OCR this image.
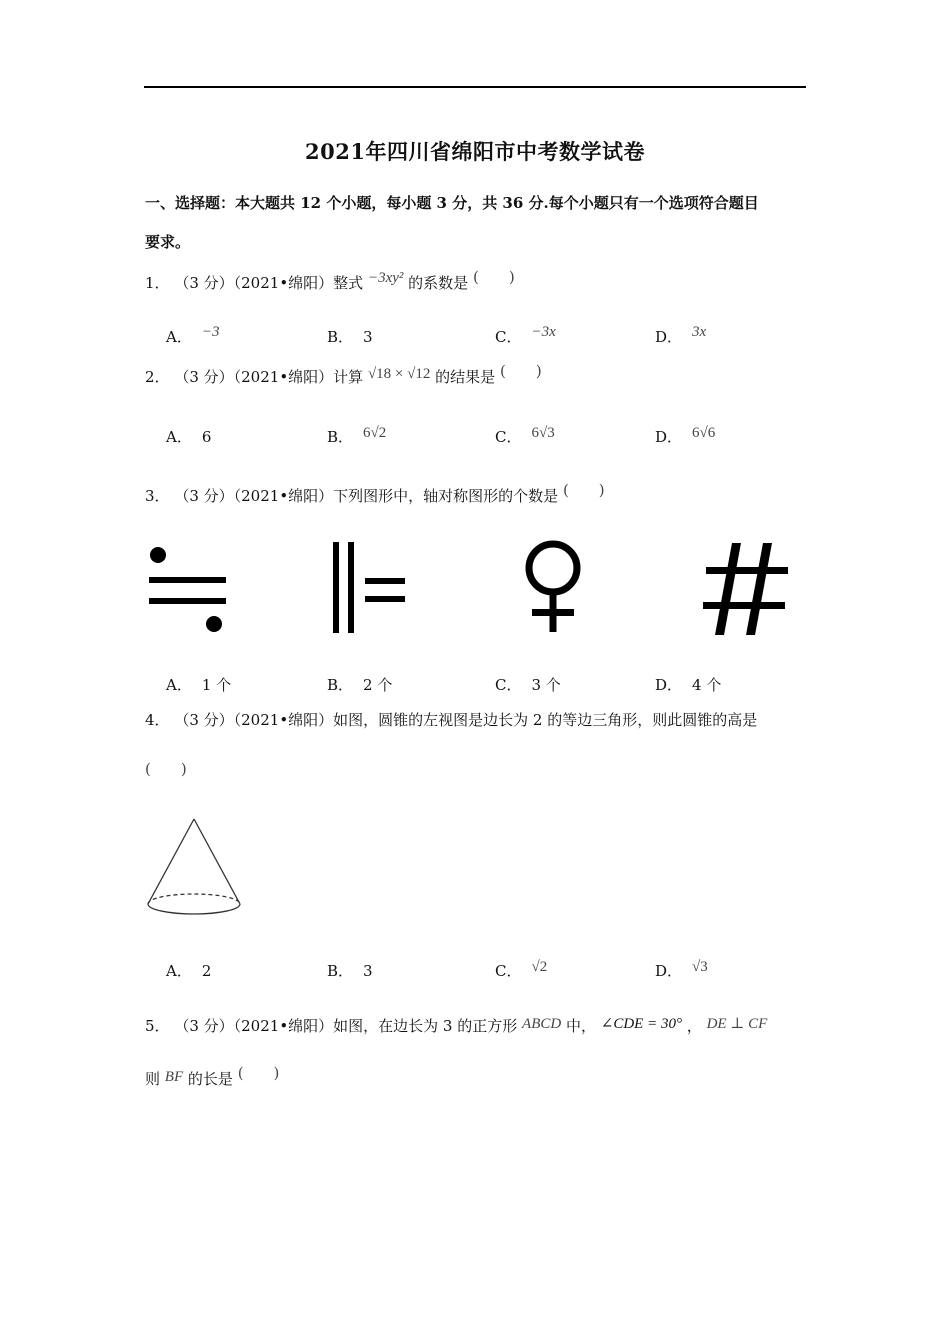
2021年四川省绵阳市中考数学试卷
一、选择题：本大题共 12 个小题，每小题 3 分，共 36 分.每个小题只有一个选项符合题目
要求。
1． （3 分）（2021•绵阳）整式 −3xy² 的系数是 (　　)
A． −3	B． 3	C． −3x	D． 3x
2． （3 分）（2021•绵阳）计算 √18 × √12 的结果是 (　　)
A． 6	B． 6√2	C． 6√3	D． 6√6
3． （3 分）（2021•绵阳）下列图形中，轴对称图形的个数是 (　　)
A． 1 个	B． 2 个	C． 3 个	D． 4 个
4． （3 分）（2021•绵阳）如图，圆锥的左视图是边长为 2 的等边三角形，则此圆锥的高是
(　　)
A． 2	B． 3	C． √2	D． √3
5． （3 分）（2021•绵阳）如图，在边长为 3 的正方形 ABCD 中， ∠CDE = 30° ， DE ⊥ CF
则 BF 的长是 (　　)
